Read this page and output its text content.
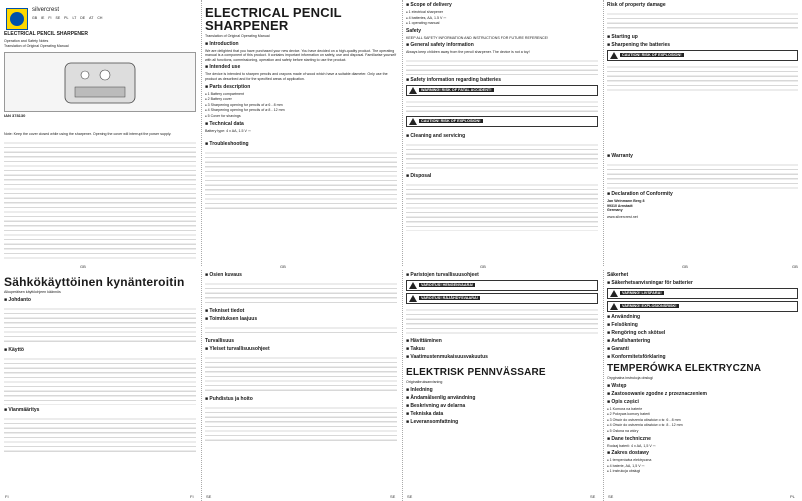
silvercrest
GB IE FI SE PL LT DE AT CH
ELECTRICAL PENCIL SHARPENER
Operation and Safety Notes
Translation of Original Operating Manual
IAN 378130
Note: Keep the cover closed while using the sharpener. Opening the cover will interrupt the power supply.
ELECTRICAL PENCIL SHARPENER
Translation of Original Operating Manual
■ Introduction
We are delighted that you have purchased your new device. You have decided on a high-quality product. The operating manual is a component of this product. It contains important information on safety, use and disposal. Familiarise yourself with all functions, commissioning, operation and safety before starting to use the product.
■ Intended use
The device is intended to sharpen pencils and crayons made of wood which have a suitable diameter. Only use the product as described and for the specified areas of application.
■ Parts description
● 1 Battery compartment
● 2 Battery cover
● 3 Sharpening opening for pencils of ø 6 - 8 mm
● 4 Sharpening opening for pencils of ø 8 - 12 mm
● 5 Cover for shavings
■ Technical data
Battery type: 4 x AA, 1.5 V ⎓
■ Troubleshooting
■ Scope of delivery
● 1 electrical sharpener
● 4 batteries, AA, 1.5 V ⎓
● 1 operating manual
Safety
KEEP ALL SAFETY INFORMATION AND INSTRUCTIONS FOR FUTURE REFERENCE!
■ General safety information
Always keep children away from the pencil sharpener. The device is not a toy!
■ Safety information regarding batteries
WARNING! RISK OF FATAL ACCIDENT!
CAUTION! RISK OF EXPLOSION!
■ Cleaning and servicing
■ Disposal
Risk of property damage
■ Starting up
■ Sharpening the batteries
CAUTION! RISK OF EXPLOSION!
■ Warranty
■ Declaration of Conformity
Jan Weinmann Berg 8
99310 Arnstadt
Germany
www.silvercrest.net
GB	GB	GB	GB	GB
Sähkökäyttöinen kynänteroitin
Alkuperäisen käyttöohjeen käännös
■ Johdanto
■ Käyttö
■ Vianmääritys
■ Osien kuvaus
■ Tekniset tiedot
■ Toimituksen laajuus
Turvallisuus
■ Yleiset turvallisuusohjeet
■ Puhdistus ja hoito
■ Paristojen turvallisuusohjeet
VAROITUS! HENGENVAARA!
VAROITUS! RÄJÄHDYSVAARA!
■ Hävittäminen
■ Takuu
■ Vaatimustenmukaisuusvakuutus
ELEKTRISK PENNVÄSSARE
Originalbruksanvisning
■ Inledning
■ Ändamålsenlig användning
■ Beskrivning av delarna
■ Tekniska data
■ Leveransomfattning
Säkerhet
■ Säkerhetsanvisningar för batterier
VARNING! LIVSFARA!
VARNING! EXPLOSIONSRISK!
■ Användning
■ Felsökning
■ Rengöring och skötsel
■ Avfallshantering
■ Garanti
■ Konformitetsförklaring
TEMPERÓWKA ELEKTRYCZNA
Oryginalna instrukcja obsługi
■ Wstęp
■ Zastosowanie zgodne z przeznaczeniem
■ Opis części
● 1 Komora na baterie
● 2 Pokrywa komory baterii
● 3 Otwór do ostrzenia ołówków o śr. 6 - 8 mm
● 4 Otwór do ostrzenia ołówków o śr. 8 - 12 mm
● 5 Osłona na wióry
■ Dane techniczne
Rodzaj baterii: 4 x AA, 1,5 V ⎓
■ Zakres dostawy
● 1 temperówka elektryczna
● 4 baterie, AA, 1,5 V ⎓
● 1 instrukcja obsługi
FI	FI	SE	SE	SE	SE	SE	PL
